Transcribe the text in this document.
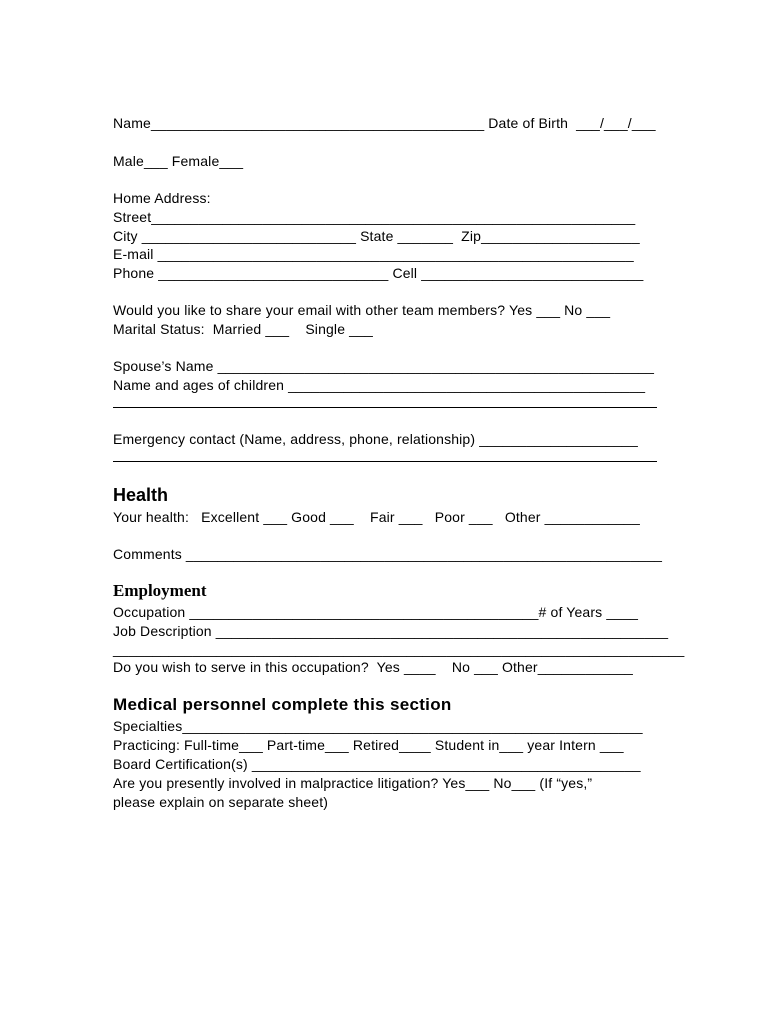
Name__________________________________________ Date of Birth  ___/___/___
Male___ Female___
Home Address:
Street_____________________________________________________________
City ___________________________ State _______  Zip____________________
E-mail ____________________________________________________________
Phone _____________________________ Cell ____________________________
Would you like to share your email with other team members? Yes ___ No ___
Marital Status:  Married ___    Single ___
Spouse’s Name _______________________________________________________
Name and ages of children _____________________________________________
Emergency contact (Name, address, phone, relationship) ____________________
Health
Your health:   Excellent ___ Good ___    Fair ___   Poor ___   Other ____________
Comments ____________________________________________________________
Employment
Occupation ____________________________________________# of Years ____
Job Description _________________________________________________________
________________________________________________________________________
Do you wish to serve in this occupation?  Yes ____    No ___ Other____________
Medical personnel complete this section
Specialties__________________________________________________________
Practicing: Full-time___ Part-time___ Retired____ Student in___ year Intern ___
Board Certification(s) _________________________________________________
Are you presently involved in malpractice litigation? Yes___ No___ (If “yes,”
please explain on separate sheet)
